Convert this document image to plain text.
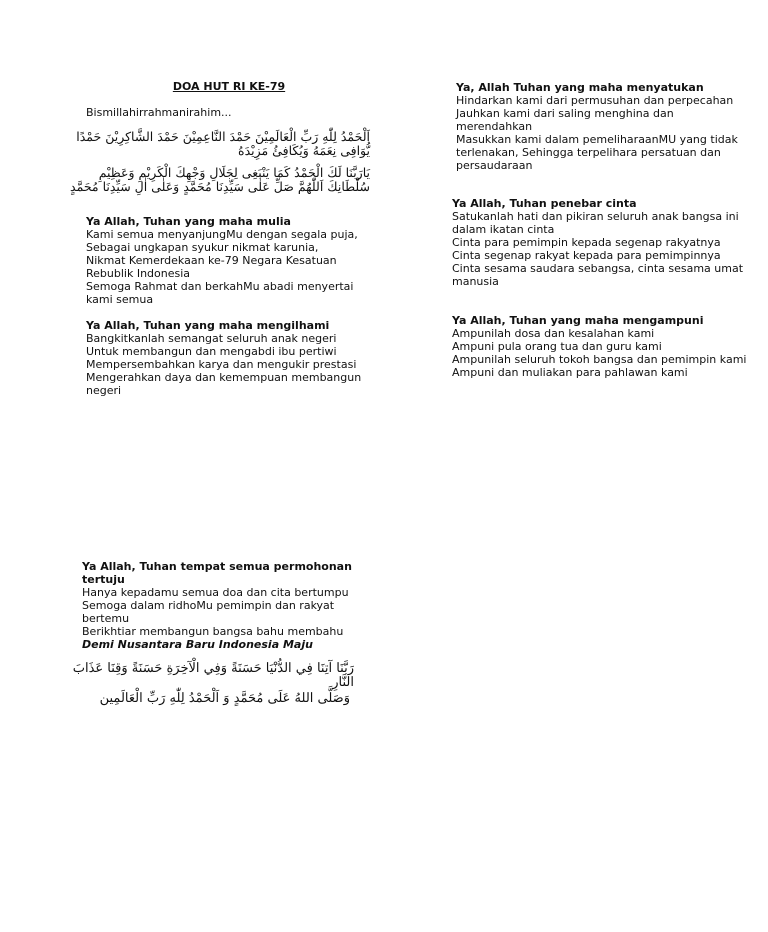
DOA HUT RI KE-79
Bismillahirrahmanirahim...
اَلْحَمْدُ لِلّٰهِ رَبِّ الْعَالَمِيْنَ حَمْدَ النَّاعِمِيْنَ حَمْدَ الشَّاكِرِيْنَ حَمْدًا يُّوَافِى نِعَمَهُ وَيُكَافِئُ مَزِيْدَهُ
يَارَبَّنَا لَكَ الْحَمْدُ كَمَا يَنْبَغِى لِجَلَالِ وَجْهِكَ الْكَرِيْمِ وَعَظِيْمِ سُلْطَانِكَ اَللّٰهُمَّ صَلِّ عَلٰى سَيِّدِنَا مُحَمَّدٍ وَعَلٰى اٰلِ سَيِّدِنَا مُحَمَّدٍ
Ya Allah, Tuhan yang maha mulia
Kami semua menyanjungMu dengan segala puja,
Sebagai ungkapan syukur nikmat karunia,
Nikmat Kemerdekaan ke-79 Negara Kesatuan Rebublik Indonesia
Semoga Rahmat dan berkahMu abadi menyertai kami semua
Ya Allah, Tuhan yang maha mengilhami
Bangkitkanlah semangat seluruh anak negeri
Untuk membangun dan mengabdi ibu pertiwi
Mempersembahkan karya dan mengukir prestasi
Mengerahkan daya dan kemempuan membangun negeri
Ya, Allah Tuhan yang maha menyatukan
Hindarkan kami dari permusuhan dan perpecahan
Jauhkan kami dari saling menghina dan merendahkan
Masukkan kami dalam pemeliharaanMU yang tidak terlenakan, Sehingga terpelihara persatuan dan persaudaraan
Ya Allah, Tuhan penebar cinta
Satukanlah hati dan pikiran seluruh anak bangsa ini dalam ikatan cinta
Cinta para pemimpin kepada segenap rakyatnya
Cinta segenap rakyat kepada para pemimpinnya
Cinta sesama saudara sebangsa, cinta sesama umat manusia
Ya Allah, Tuhan yang maha mengampuni
Ampunilah dosa dan kesalahan kami
Ampuni pula orang tua dan guru kami
Ampunilah seluruh tokoh bangsa dan pemimpin kami
Ampuni dan muliakan para pahlawan kami
Ya Allah, Tuhan tempat semua permohonan tertuju
Hanya kepadamu semua doa dan cita bertumpu
Semoga dalam ridhoMu pemimpin dan rakyat bertemu
Berikhtiar membangun bangsa bahu membahu
Demi Nusantara Baru Indonesia Maju
رَبَّنَا آتِنَا فِي الدُّنْيَا حَسَنَةً وَفِي الْآخِرَةِ حَسَنَةً وَقِنَا عَذَابَ النَّارِ
وَصَلَّى اللهُ عَلَى مُحَمَّدٍ وَ اَلْحَمْدُ لِلّٰهِ رَبِّ الْعَالَمِين
